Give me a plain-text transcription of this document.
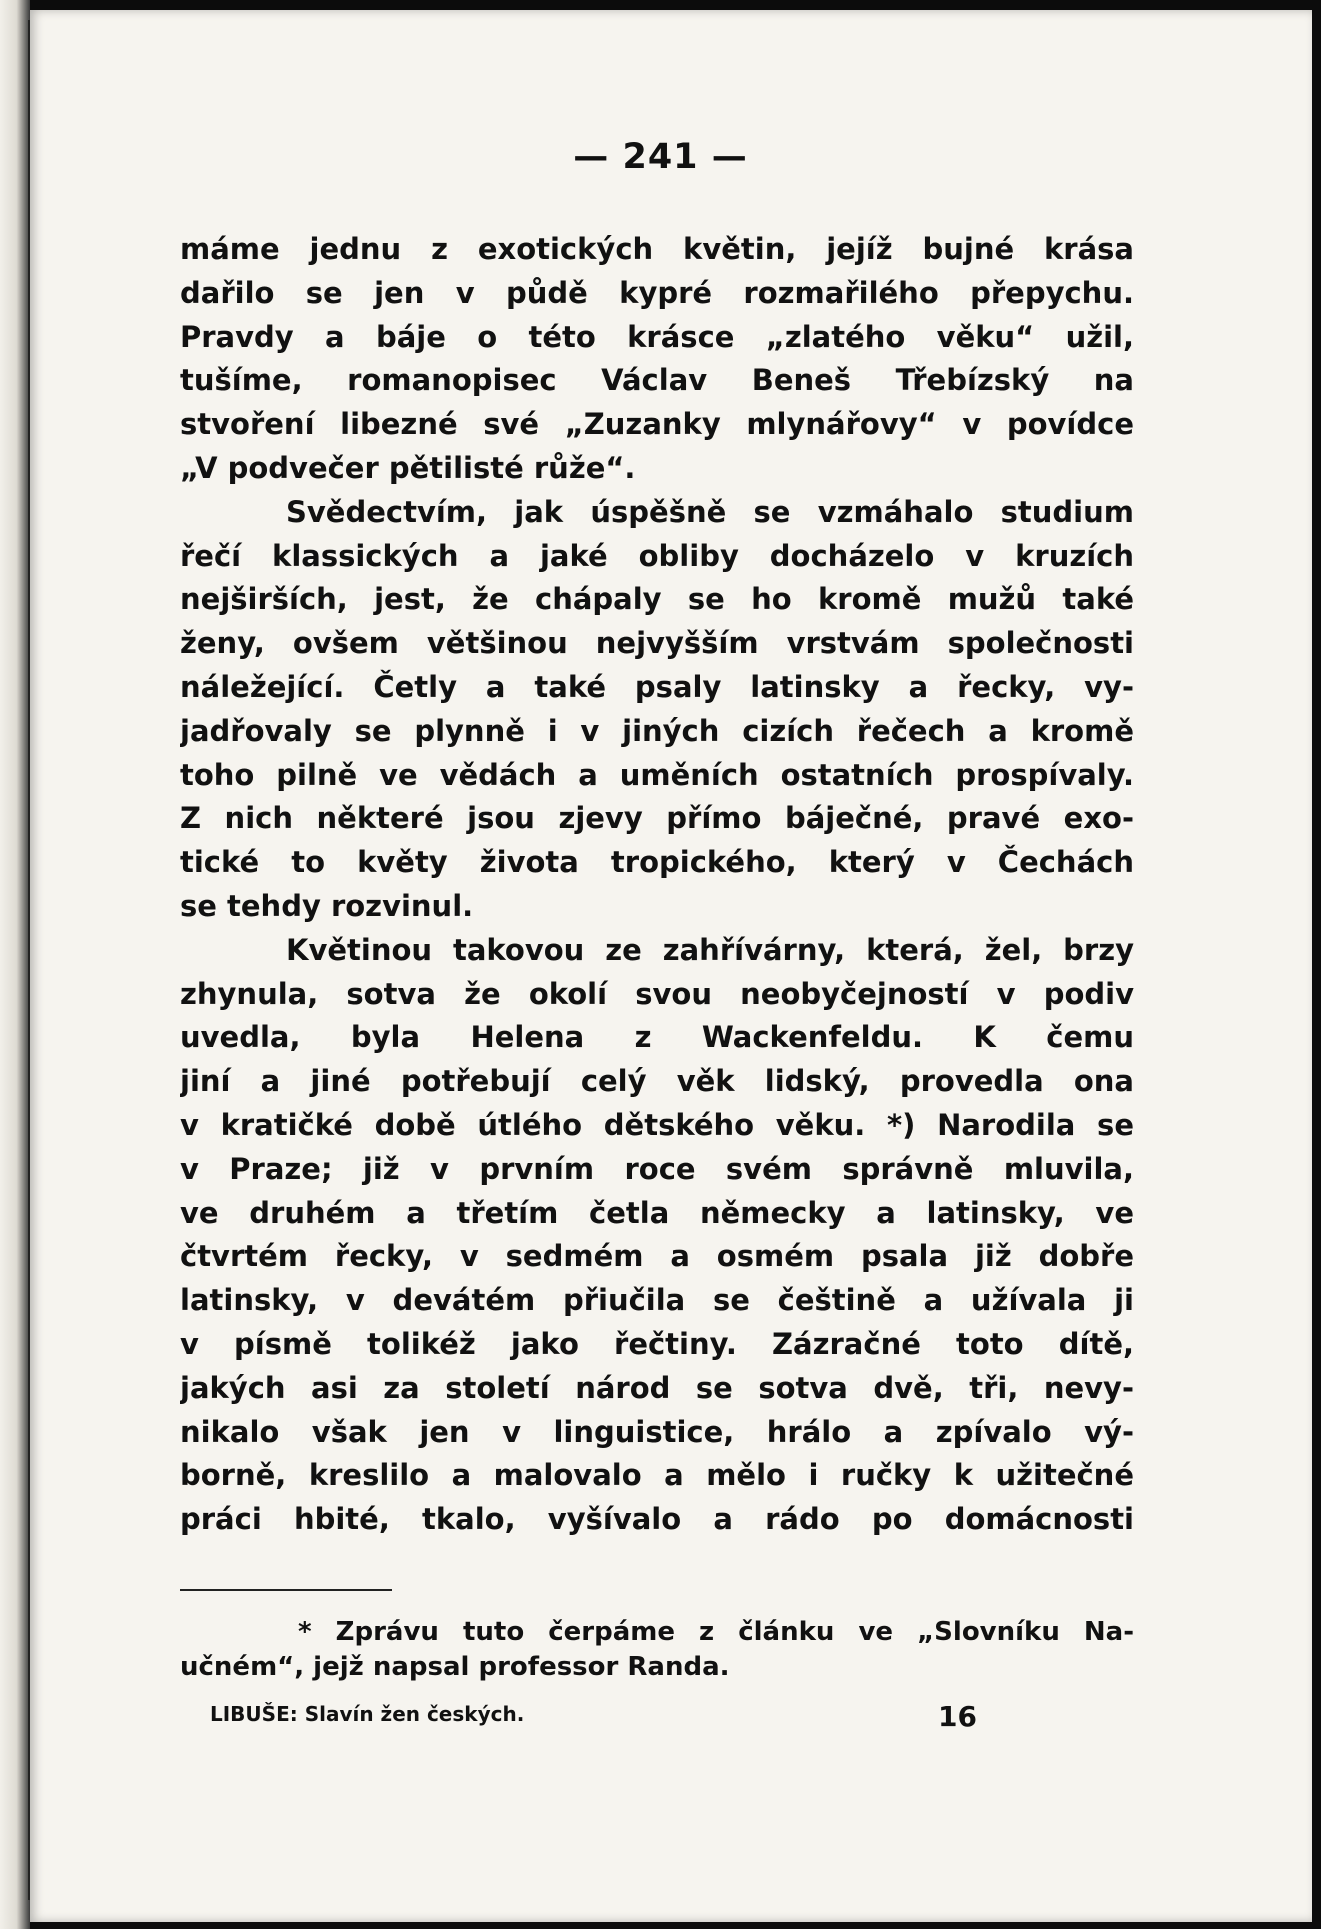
— 241 —
máme jednu z exotických květin, jejíž bujné krása
dařilo se jen v půdě kypré rozmařilého přepychu.
Pravdy a báje o této krásce „zlatého věku“ užil,
tušíme, romanopisec Václav Beneš Třebízský na
stvoření libezné své „Zuzanky mlynářovy“ v povídce
„V podvečer pětilisté růže“.
Svědectvím, jak úspěšně se vzmáhalo studium
řečí klassických a jaké obliby docházelo v kruzích
nejširších, jest, že chápaly se ho kromě mužů také
ženy, ovšem většinou nejvyšším vrstvám společnosti
náležející. Četly a také psaly latinsky a řecky, vy-
jadřovaly se plynně i v jiných cizích řečech a kromě
toho pilně ve vědách a uměních ostatních prospívaly.
Z nich některé jsou zjevy přímo báječné, pravé exo-
tické to květy života tropického, který v Čechách
se tehdy rozvinul.
Květinou takovou ze zahřívárny, která, žel, brzy
zhynula, sotva že okolí svou neobyčejností v podiv
uvedla, byla Helena z Wackenfeldu. K čemu
jiní a jiné potřebují celý věk lidský, provedla ona
v kratičké době útlého dětského věku. *) Narodila se
v Praze; již v prvním roce svém správně mluvila,
ve druhém a třetím četla německy a latinsky, ve
čtvrtém řecky, v sedmém a osmém psala již dobře
latinsky, v devátém přiučila se češtině a užívala ji
v písmě tolikéž jako řečtiny. Zázračné toto dítě,
jakých asi za století národ se sotva dvě, tři, nevy-
nikalo však jen v linguistice, hrálo a zpívalo vý-
borně, kreslilo a malovalo a mělo i ručky k užitečné
práci hbité, tkalo, vyšívalo a rádo po domácnosti
* Zprávu tuto čerpáme z článku ve „Slovníku Na-
učném“, jejž napsal professor Randa.
LIBUŠE: Slavín žen českých.	16
